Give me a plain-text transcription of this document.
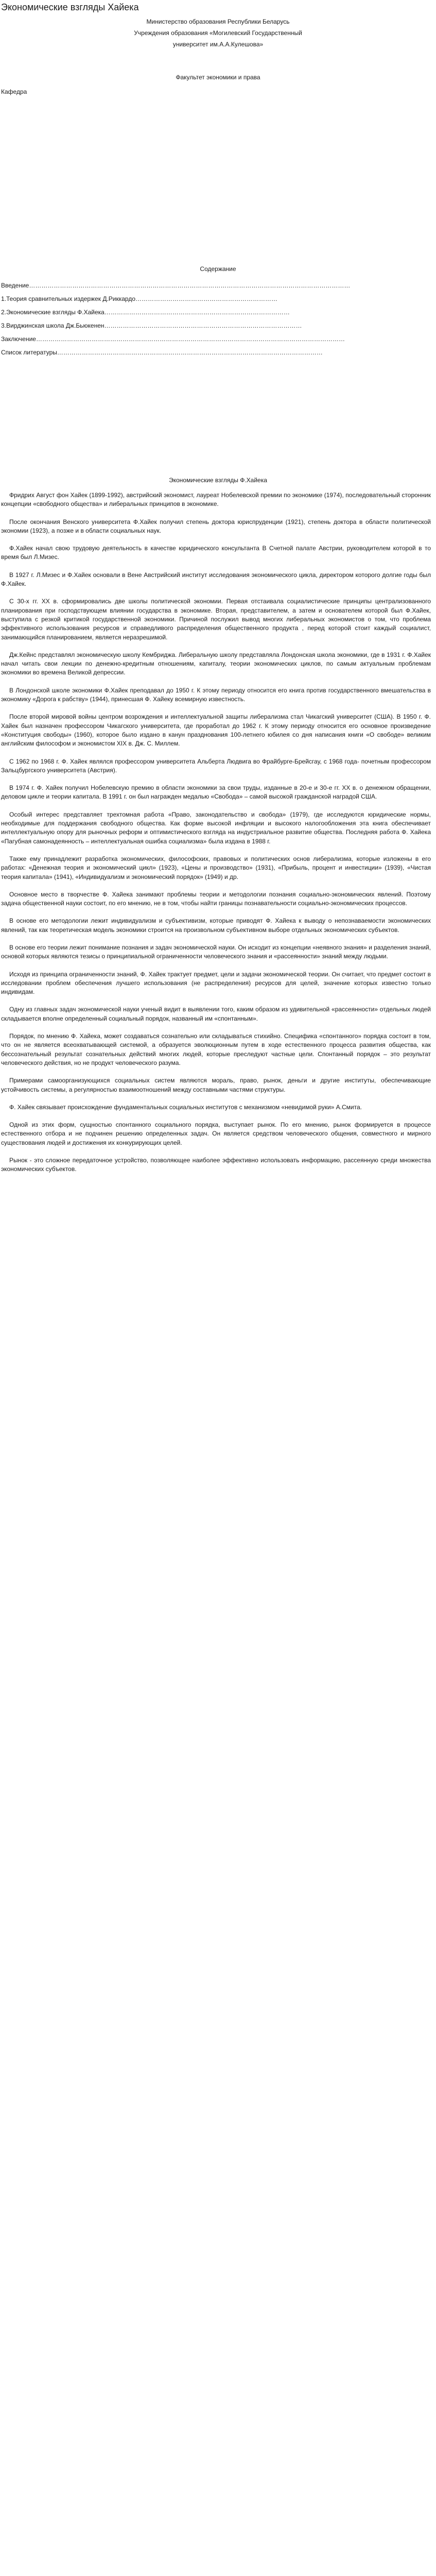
Экономические взгляды Хайека
Министерство образования Республики Беларусь
Учреждения образования «Могилевский Государственный
университет им.А.А.Кулешова»
Факультет экономики и права
Кафедра
Содержание
Введение…………………………………………………………………………………………………………………………………………
1.Теория сравнительных издержек Д.Риккардо……………………………………………………………
2.Экономические взгляды Ф.Хайека………………………………………………………………………………
3.Вирджинская школа Дж.Бьюкенен……………………………………………………………………………………
Заключение……………………………………………………………………………………………………………………………………
Список литературы…………………………………………………………………………………………………………………
Экономические взгляды Ф.Хайека

Фридрих Август фон Хайек (1899-1992), австрийский экономист, лауреат Нобелевской премии по экономике (1974), последовательный сторонник концепции «свободного общества» и либеральных принципов в экономике.

После окончания Венского университета Ф.Хайек получил степень доктора юриспруденции (1921), степень доктора в области политической экономии (1923), а позже и в области социальных наук.

Ф.Хайек начал свою трудовую деятельность в качестве юридического консультанта В Счетной палате Австрии, руководителем которой в то время был Л.Мизес.

В 1927 г. Л.Мизес и Ф.Хайек основали в Вене Австрийский институт исследования экономического цикла, директором которого долгие годы был Ф.Хайек.

С 30-х гг. XX в. сформировались две школы политической экономии. Первая отстаивала социалистические принципы централизованного планирования при господствующем влиянии государства в экономике. Вторая, представителем, а затем и основателем которой был Ф.Хайек, выступила с резкой критикой государственной экономики. Причиной послужил вывод многих либеральных экономистов о том, что проблема эффективного использования ресурсов и справедливого распределения общественного продукта , перед которой стоит каждый социалист, занимающийся планированием, является неразрешимой.

Дж.Кейнс представлял экономическую школу Кембриджа. Либеральную школу представляла Лондонская школа экономики, где в 1931 г. Ф.Хайек начал читать свои лекции по денежно-кредитным отношениям, капиталу, теории экономических циклов, по самым актуальным проблемам экономики во времена Великой депрессии.

В Лондонской школе экономики Ф.Хайек преподавал до 1950 г. К этому периоду относится его книга против государственного вмешательства в экономику «Дорога к рабству» (1944), принесшая Ф. Хайеку всемирную известность.

После второй мировой войны центром возрождения и интеллектуальной защиты либерализма стал Чикагский университет (США). В 1950 г. Ф. Хайек был назначен профессором Чикагского университета, где проработал до 1962 г. К этому периоду относится его основное произведение «Конституция свободы» (1960), которое было издано в канун празднования 100-летнего юбилея со дня написания книги «О свободе» великим английским философом и экономистом XIX в. Дж. С. Миллем.

С 1962 по 1968 г. Ф. Хайек являлся профессором университета Альберта Людвига во Фрайбурге-Брейсгау, с 1968 года- почетным профессором Зальцбургского университета (Австрия).

В 1974 г. Ф. Хайек получил Нобелевскую премию в области экономики за свои труды, изданные в 20-е и 30-е гг. XX в. о денежном обращении, деловом цикле и теории капитала. В 1991 г. он был награжден медалью «Свобода» – самой высокой гражданской наградой США.

Особый интерес представляет трехтомная работа «Право, законодательство и свобода» (1979), где исследуются юридические нормы, необходимые для поддержания свободного общества. Как форме высокой инфляции и высокого налогообложения эта книга обеспечивает интеллектуальную опору для рыночных реформ и оптимистического взгляда на индустриальное развитие общества. Последняя работа Ф. Хайека «Пагубная самонадеянность – интеллектуальная ошибка социализма» была издана в 1988 г.

Также ему принадлежит разработка экономических, философских, правовых и политических основ либерализма, которые изложены в его работах: «Денежная теория и экономический цикл» (1923), «Цены и производство» (1931), «Прибыль, процент и инвестиции» (1939), «Чистая теория капитала» (1941), «Индивидуализм и экономический порядок» (1949) и др.

Основное место в творчестве Ф. Хайека занимают проблемы теории и методологии познания социально-экономических явлений. Поэтому задача общественной науки состоит, по его мнению, не в том, чтобы найти границы познавательности социально-экономических процессов.

В основе его методологии лежит индивидуализм и субъективизм, которые приводят Ф. Хайека к выводу о непознаваемости экономических явлений, так как теоретическая модель экономики строится на произвольном субъективном выборе отдельных экономических субъектов.

В основе его теории лежит понимание познания и задач экономической науки. Он исходит из концепции «неявного знания» и разделения знаний, основой которых являются тезисы о принципиальной ограниченности человеческого знания и «рассеянности» знаний между людьми.

Исходя из принципа ограниченности знаний, Ф. Хайек трактует предмет, цели и задачи экономической теории. Он считает, что предмет состоит в исследовании проблем обеспечения лучшего использования (не распределения) ресурсов для целей, значение которых известно только индивидам.

Одну из главных задач экономической науки ученый видит в выявлении того, каким образом из удивительной «рассеянности» отдельных людей складывается вполне определенный социальный порядок, названный им «спонтанным».

Порядок, по мнению Ф. Хайека, может создаваться сознательно или складываться стихийно. Специфика «спонтанного» порядка состоит в том, что он не является всеохватывающей системой, а образуется эволюционным путем в ходе естественного процесса развития общества, как бессознательный результат сознательных действий многих людей, которые преследуют частные цели. Спонтанный порядок – это результат человеческого действия, но не продукт человеческого разума.

Примерами самоорганизующихся социальных систем являются мораль, право, рынок, деньги и другие институты, обеспечивающие устойчивость системы, а регулярностью взаимоотношений между составными частями структуры.

Ф. Хайек связывает происхождение фундаментальных социальных институтов с механизмом «невидимой руки» А.Смита.

Одной из этих форм, сущностью спонтанного социального порядка, выступает рынок. По его мнению, рынок формируется в процессе естественного отбора и не подчинен решению определенных задач. Он является средством человеческого общения, совместного и мирного существования людей и достижения их конкурирующих целей.

Рынок - это сложное передаточное устройство, позволяющее наиболее эффективно использовать информацию, рассеянную среди множества экономических субъектов.
